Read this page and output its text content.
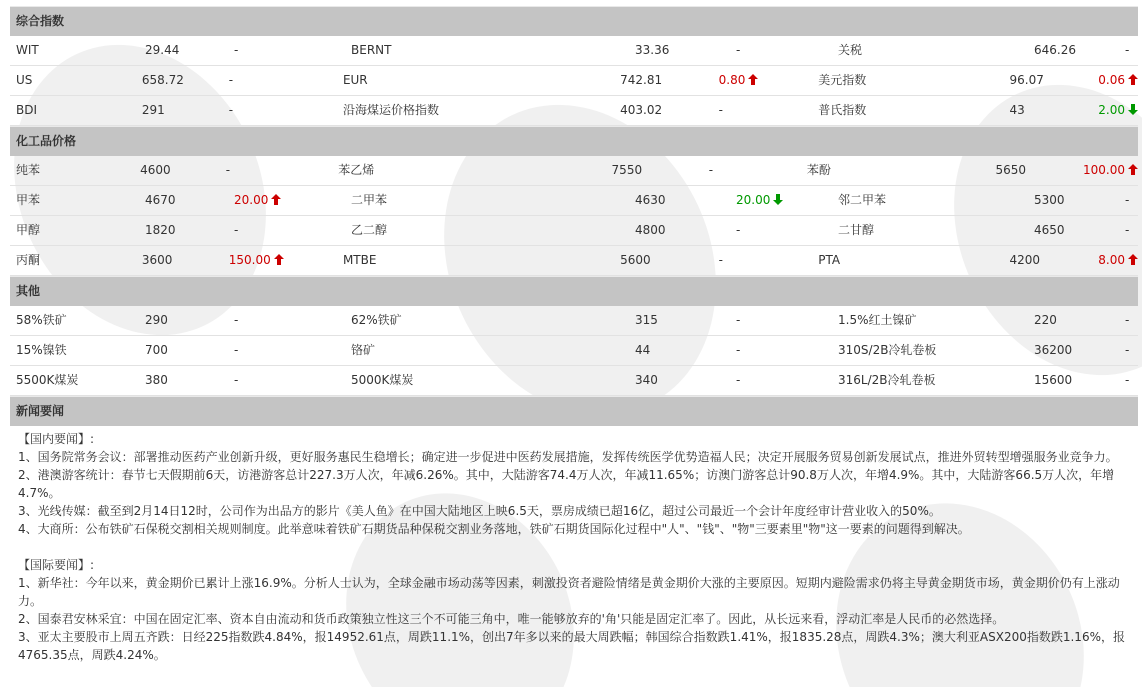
综合指数
WIT	29.44	-	BERNT	33.36	-	关税	646.26	-
US	658.72	-	EUR	742.81	0.80	美元指数	96.07	0.06
BDI	291	-	沿海煤运价格指数	403.02	-	普氏指数	43	2.00
化工品价格
纯苯	4600	-	苯乙烯	7550	-	苯酚	5650	100.00
甲苯	4670	20.00	二甲苯	4630	20.00	邻二甲苯	5300	-
甲醇	1820	-	乙二醇	4800	-	二甘醇	4650	-
丙酮	3600	150.00	MTBE	5600	-	PTA	4200	8.00
其他
58%铁矿	290	-	62%铁矿	315	-	1.5%红土镍矿	220	-
15%镍铁	700	-	铬矿	44	-	310S/2B冷轧卷板	36200	-
5500K煤炭	380	-	5000K煤炭	340	-	316L/2B冷轧卷板	15600	-
新闻要闻
【国内要闻】:
1、国务院常务会议：部署推动医药产业创新升级，更好服务惠民生稳增长；确定进一步促进中医药发展措施，发挥传统医学优势造福人民；决定开展服务贸易创新发展试点，推进外贸转型增强服务业竞争力。
2、港澳游客统计：春节七天假期前6天，访港游客总计227.3万人次，年减6.26%。其中，大陆游客74.4万人次，年减11.65%；访澳门游客总计90.8万人次，年增4.9%。其中，大陆游客66.5万人次，年增4.7%。
3、光线传媒：截至到2月14日12时，公司作为出品方的影片《美人鱼》在中国大陆地区上映6.5天，票房成绩已超16亿，超过公司最近一个会计年度经审计营业收入的50%。
4、大商所：公布铁矿石保税交割相关规则制度。此举意味着铁矿石期货品种保税交割业务落地，铁矿石期货国际化过程中"人"、"钱"、"物"三要素里"物"这一要素的问题得到解决。
【国际要闻】:
1、新华社：今年以来，黄金期价已累计上涨16.9%。分析人士认为，全球金融市场动荡等因素，刺激投资者避险情绪是黄金期价大涨的主要原因。短期内避险需求仍将主导黄金期货市场，黄金期价仍有上涨动力。
2、国泰君安林采宜：中国在固定汇率、资本自由流动和货币政策独立性这三个不可能三角中，唯一能够放弃的'角'只能是固定汇率了。因此，从长远来看，浮动汇率是人民币的必然选择。
3、亚太主要股市上周五齐跌：日经225指数跌4.84%，报14952.61点，周跌11.1%，创出7年多以来的最大周跌幅；韩国综合指数跌1.41%，报1835.28点，周跌4.3%；澳大利亚ASX200指数跌1.16%，报4765.35点，周跌4.24%。
